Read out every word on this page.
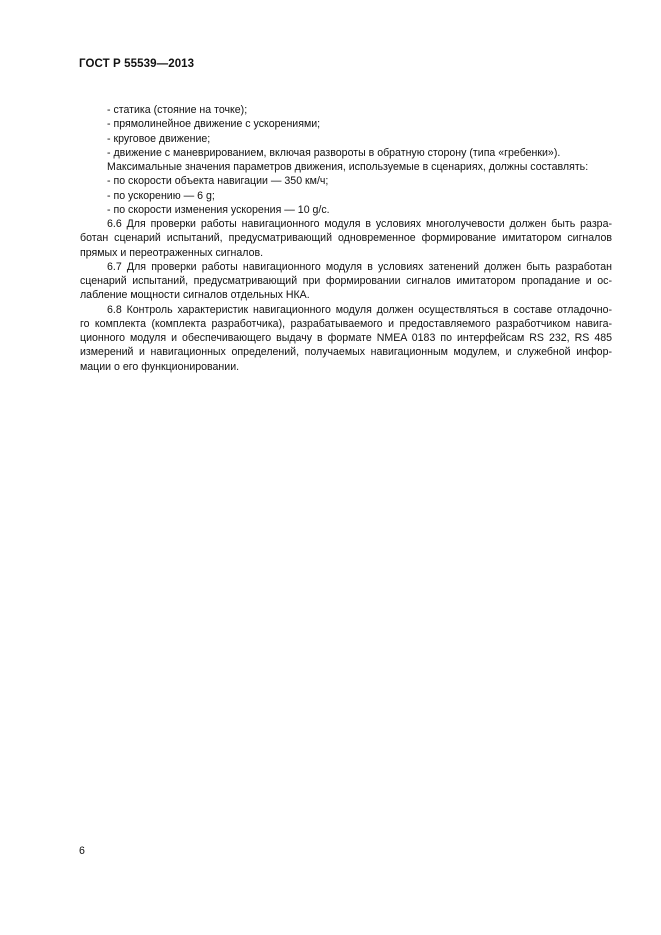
ГОСТ Р 55539—2013
- статика (стояние на точке);
- прямолинейное движение с ускорениями;
- круговое движение;
- движение с маневрированием, включая развороты в обратную сторону (типа «гребенки»).
Максимальные значения параметров движения, используемые в сценариях, должны составлять:
- по скорости объекта навигации — 350 км/ч;
- по ускорению — 6 g;
- по скорости изменения ускорения — 10 g/с.
6.6 Для проверки работы навигационного модуля в условиях многолучевости должен быть разра-
ботан сценарий испытаний, предусматривающий одновременное формирование имитатором сигналов
прямых и переотраженных сигналов.
6.7 Для проверки работы навигационного модуля в условиях затенений должен быть разработан
сценарий испытаний, предусматривающий при формировании сигналов имитатором пропадание и ос-
лабление мощности сигналов отдельных НКА.
6.8 Контроль характеристик навигационного модуля должен осуществляться в составе отладочно-
го комплекта (комплекта разработчика), разрабатываемого и предоставляемого разработчиком навига-
ционного модуля и обеспечивающего выдачу в формате NMEA 0183 по интерфейсам RS 232, RS 485
измерений и навигационных определений, получаемых навигационным модулем, и служебной инфор-
мации о его функционировании.
6
